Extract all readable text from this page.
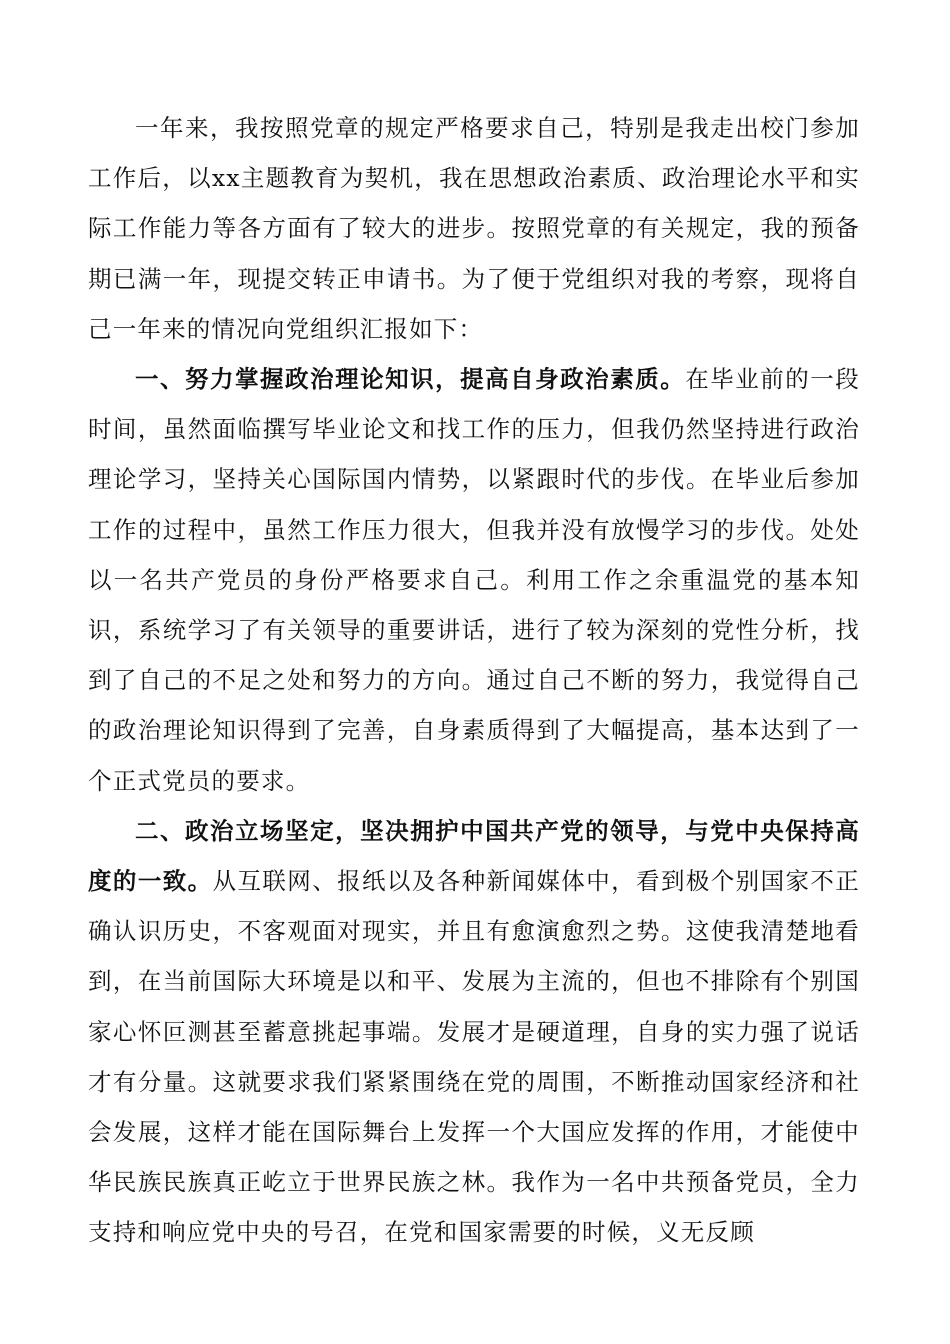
一年来，我按照党章的规定严格要求自己，特别是我走出校门参加工作后，以xx主题教育为契机，我在思想政治素质、政治理论水平和实际工作能力等各方面有了较大的进步。按照党章的有关规定，我的预备期已满一年，现提交转正申请书。为了便于党组织对我的考察，现将自己一年来的情况向党组织汇报如下：

一、努力掌握政治理论知识，提高自身政治素质。在毕业前的一段时间，虽然面临撰写毕业论文和找工作的压力，但我仍然坚持进行政治理论学习，坚持关心国际国内情势，以紧跟时代的步伐。在毕业后参加工作的过程中，虽然工作压力很大，但我并没有放慢学习的步伐。处处以一名共产党员的身份严格要求自己。利用工作之余重温党的基本知识，系统学习了有关领导的重要讲话，进行了较为深刻的党性分析，找到了自己的不足之处和努力的方向。通过自己不断的努力，我觉得自己的政治理论知识得到了完善，自身素质得到了大幅提高，基本达到了一个正式党员的要求。

二、政治立场坚定，坚决拥护中国共产党的领导，与党中央保持高度的一致。从互联网、报纸以及各种新闻媒体中，看到极个别国家不正确认识历史，不客观面对现实，并且有愈演愈烈之势。这使我清楚地看到，在当前国际大环境是以和平、发展为主流的，但也不排除有个别国家心怀叵测甚至蓄意挑起事端。发展才是硬道理，自身的实力强了说话才有分量。这就要求我们紧紧围绕在党的周围，不断推动国家经济和社会发展，这样才能在国际舞台上发挥一个大国应发挥的作用，才能使中华民族民族真正屹立于世界民族之林。我作为一名中共预备党员，全力支持和响应党中央的号召，在党和国家需要的时候，义无反顾
